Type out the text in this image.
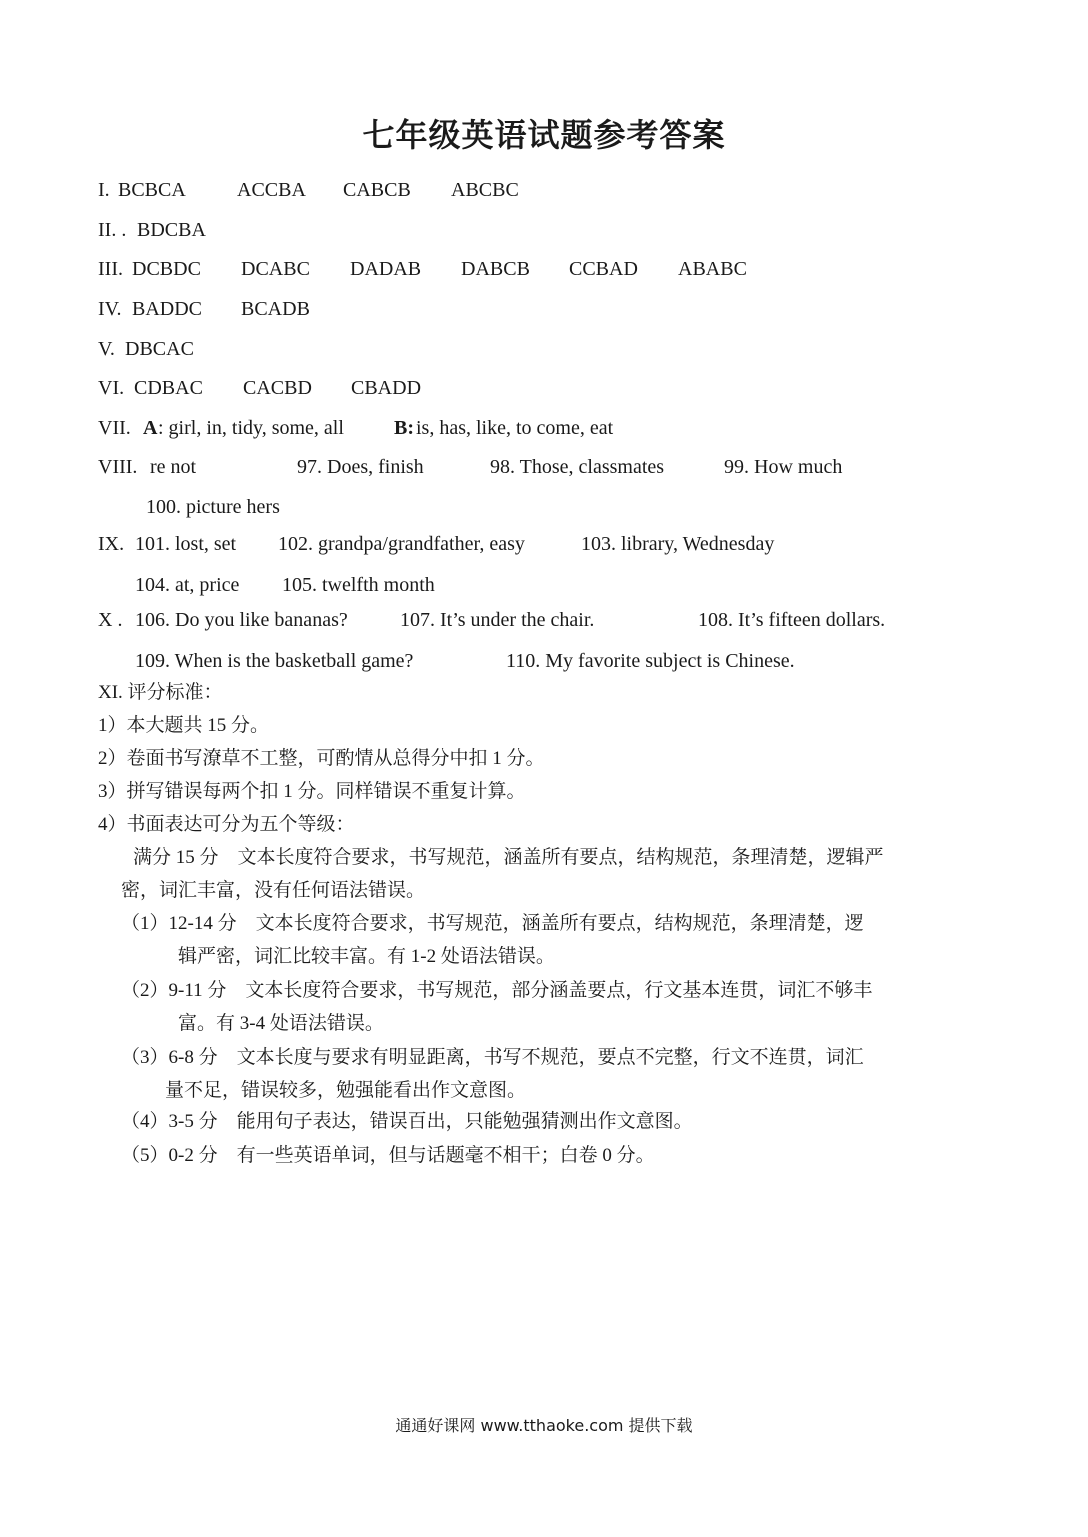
七年级英语试题参考答案
I. BCBCA	ACCBA CABCB ABCBC
II. . BDCBA
III. DCBDC DCABC DADAB DABCB CCBAD ABABC
IV. BADDC BCADB
V. DBCAC
VI. CDBAC CACBD CBADD
VII. A : girl, in, tidy, some, all	B: is, has, like, to come, eat
VIII. re not	97. Does, finish	98. Those, classmates	99. How much
100. picture hers
IX. 101. lost, set 102. grandpa/grandfather, easy	103. library, Wednesday
104. at, price 105. twelfth month
X . 106. Do you like bananas?	107. It’s under the chair.	108. It’s fifteen dollars.
109. When is the basketball game?	110. My favorite subject is Chinese.
XI. 评分标准：
1）本大题共 15 分。
2）卷面书写潦草不工整，可酌情从总得分中扣 1 分。
3）拼写错误每两个扣 1 分。同样错误不重复计算。
4）书面表达可分为五个等级：
满分 15 分　文本长度符合要求，书写规范，涵盖所有要点，结构规范，条理清楚，逻辑严
密，词汇丰富，没有任何语法错误。
（1）12-14 分　文本长度符合要求，书写规范，涵盖所有要点，结构规范，条理清楚，逻
辑严密，词汇比较丰富。有 1-2 处语法错误。
（2）9-11 分　文本长度符合要求，书写规范，部分涵盖要点，行文基本连贯，词汇不够丰
富。有 3-4 处语法错误。
（3）6-8 分　文本长度与要求有明显距离，书写不规范，要点不完整，行文不连贯，词汇
量不足，错误较多，勉强能看出作文意图。
（4）3-5 分　能用句子表达，错误百出，只能勉强猜测出作文意图。
（5）0-2 分　有一些英语单词，但与话题毫不相干；白卷 0 分。
通通好课网 www.tthaoke.com 提供下载
